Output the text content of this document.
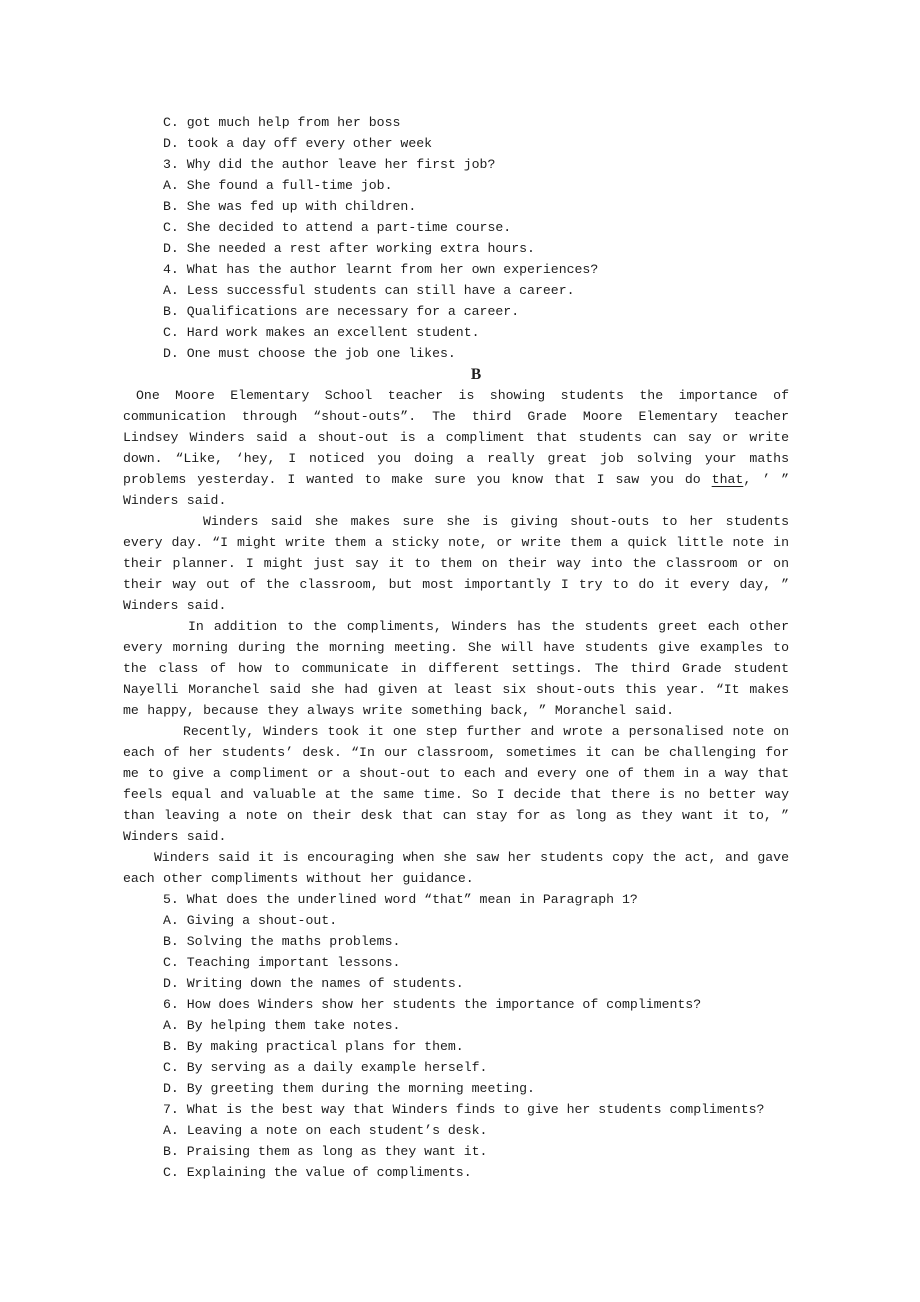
C. got much help from her boss
D. took a day off every other week
3. Why did the author leave her first job?
A. She found a full-time job.
B. She was fed up with children.
C. She decided to attend a part-time course.
D. She needed a rest after working extra hours.
4. What has the author learnt from her own experiences?
A. Less successful students can still have a career.
B. Qualifications are necessary for a career.
C. Hard work makes an excellent student.
D. One must choose the job one likes.
B

One Moore Elementary School teacher is showing students the importance of communication through “shout-outs”. The third Grade Moore Elementary teacher Lindsey Winders said a shout-out is a compliment that students can say or write down. “Like, ‘hey, I noticed you doing a really great job solving your maths problems yesterday. I wanted to make sure you know that I saw you do that, ’ ” Winders said.

Winders said she makes sure she is giving shout-outs to her students every day. “I might write them a sticky note, or write them a quick little note in their planner. I might just say it to them on their way into the classroom or on their way out of the classroom, but most importantly I try to do it every day, ” Winders said.

In addition to the compliments, Winders has the students greet each other every morning during the morning meeting. She will have students give examples to the class of how to communicate in different settings. The third Grade student Nayelli Moranchel said she had given at least six shout-outs this year. “It makes me happy, because they always write something back, ” Moranchel said.

Recently, Winders took it one step further and wrote a personalised note on each of her students’ desk. “In our classroom, sometimes it can be challenging for me to give a compliment or a shout-out to each and every one of them in a way that feels equal and valuable at the same time. So I decide that there is no better way than leaving a note on their desk that can stay for as long as they want it to, ” Winders said.

Winders said it is encouraging when she saw her students copy the act, and gave each other compliments without her guidance.

5. What does the underlined word “that” mean in Paragraph 1?
A. Giving a shout-out.
B. Solving the maths problems.
C. Teaching important lessons.
D. Writing down the names of students.
6. How does Winders show her students the importance of compliments?
A. By helping them take notes.
B. By making practical plans for them.
C. By serving as a daily example herself.
D. By greeting them during the morning meeting.
7. What is the best way that Winders finds to give her students compliments?
A. Leaving a note on each student’s desk.
B. Praising them as long as they want it.
C. Explaining the value of compliments.
